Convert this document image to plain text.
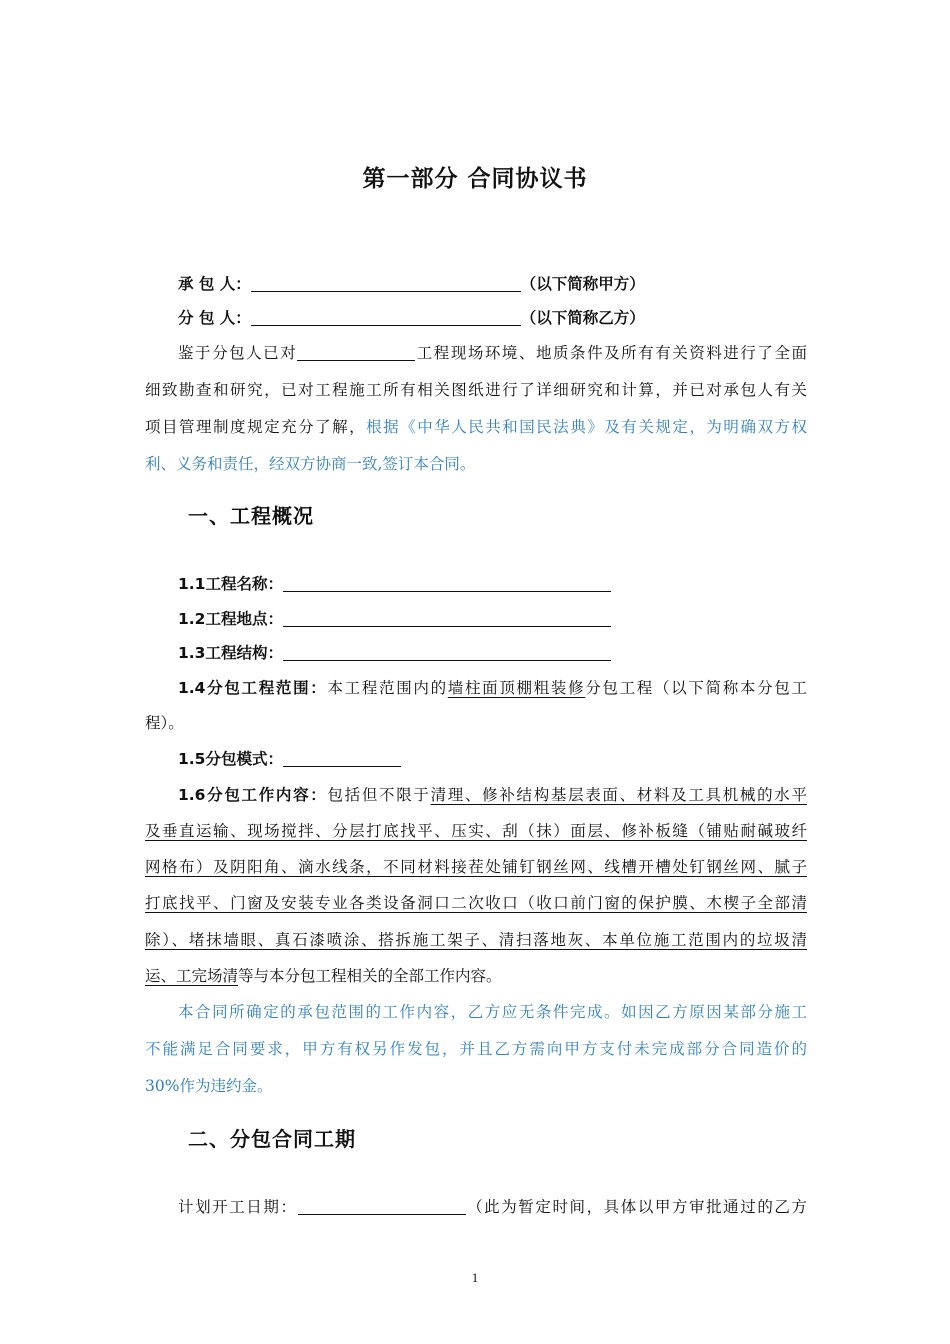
第一部分 合同协议书
承 包 人：	（以下简称甲方）
分 包 人：	（以下简称乙方）
鉴于分包人已对	工程现场环境、地质条件及所有有关资料进行了全面
细致勘查和研究，已对工程施工所有相关图纸进行了详细研究和计算，并已对承包人有关
项目管理制度规定充分了解，根据《中华人民共和国民法典》及有关规定，为明确双方权
利、义务和责任，经双方协商一致,签订本合同。
一、工程概况
1.1工程名称：
1.2工程地点：
1.3工程结构：
1.4分包工程范围：本工程范围内的墙柱面顶棚粗装修分包工程（以下简称本分包工
程）。
1.5分包模式：
1.6分包工作内容：包括但不限于清理、修补结构基层表面、材料及工具机械的水平
及垂直运输、现场搅拌、分层打底找平、压实、刮（抹）面层、修补板缝（铺贴耐碱玻纤
网格布）及阴阳角、滴水线条，不同材料接茬处铺钉钢丝网、线槽开槽处钉钢丝网、腻子
打底找平、门窗及安装专业各类设备洞口二次收口（收口前门窗的保护膜、木楔子全部清
除）、堵抹墙眼、真石漆喷涂、搭拆施工架子、清扫落地灰、本单位施工范围内的垃圾清
运、工完场清等与本分包工程相关的全部工作内容。
本合同所确定的承包范围的工作内容，乙方应无条件完成。如因乙方原因某部分施工
不能满足合同要求，甲方有权另作发包，并且乙方需向甲方支付未完成部分合同造价的
30%作为违约金。
二、分包合同工期
计划开工日期：	（此为暂定时间，具体以甲方审批通过的乙方
1
